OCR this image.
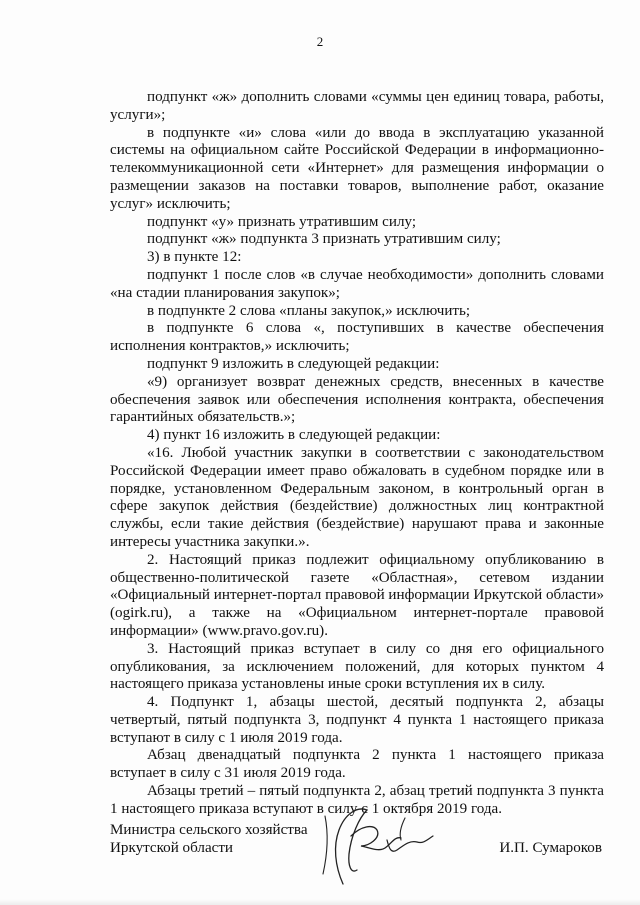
2

подпункт «ж» дополнить словами «суммы цен единиц товара, работы, услуги»;

в подпункте «и» слова «или до ввода в эксплуатацию указанной системы на официальном сайте Российской Федерации в информационно-телекоммуникационной сети «Интернет» для размещения информации о размещении заказов на поставки товаров, выполнение работ, оказание услуг» исключить;

подпункт «у» признать утратившим силу;

подпункт «ж» подпункта 3 признать утратившим силу;

3) в пункте 12:

подпункт 1 после слов «в случае необходимости» дополнить словами «на стадии планирования закупок»;

в подпункте 2 слова «планы закупок,» исключить;

в подпункте 6 слова «, поступивших в качестве обеспечения исполнения контрактов,» исключить;

подпункт 9 изложить в следующей редакции:

«9) организует возврат денежных средств, внесенных в качестве обеспечения заявок или обеспечения исполнения контракта, обеспечения гарантийных обязательств.»;

4) пункт 16 изложить в следующей редакции:

«16. Любой участник закупки в соответствии с законодательством Российской Федерации имеет право обжаловать в судебном порядке или в порядке, установленном Федеральным законом, в контрольный орган в сфере закупок действия (бездействие) должностных лиц контрактной службы, если такие действия (бездействие) нарушают права и законные интересы участника закупки.».

2. Настоящий приказ подлежит официальному опубликованию в общественно-политической газете «Областная», сетевом издании «Официальный интернет-портал правовой информации Иркутской области» (ogirk.ru), а также на «Официальном интернет-портале правовой информации» (www.pravo.gov.ru).

3. Настоящий приказ вступает в силу со дня его официального опубликования, за исключением положений, для которых пунктом 4 настоящего приказа установлены иные сроки вступления их в силу.

4. Подпункт 1, абзацы шестой, десятый подпункта 2, абзацы четвертый, пятый подпункта 3, подпункт 4 пункта 1 настоящего приказа вступают в силу с 1 июля 2019 года.

Абзац двенадцатый подпункта 2 пункта 1 настоящего приказа вступает в силу с 31 июля 2019 года.

Абзацы третий – пятый подпункта 2, абзац третий подпункта 3 пункта 1 настоящего приказа вступают в силу с 1 октября 2019 года.

Министра сельского хозяйства
Иркутской области	И.П. Сумароков
